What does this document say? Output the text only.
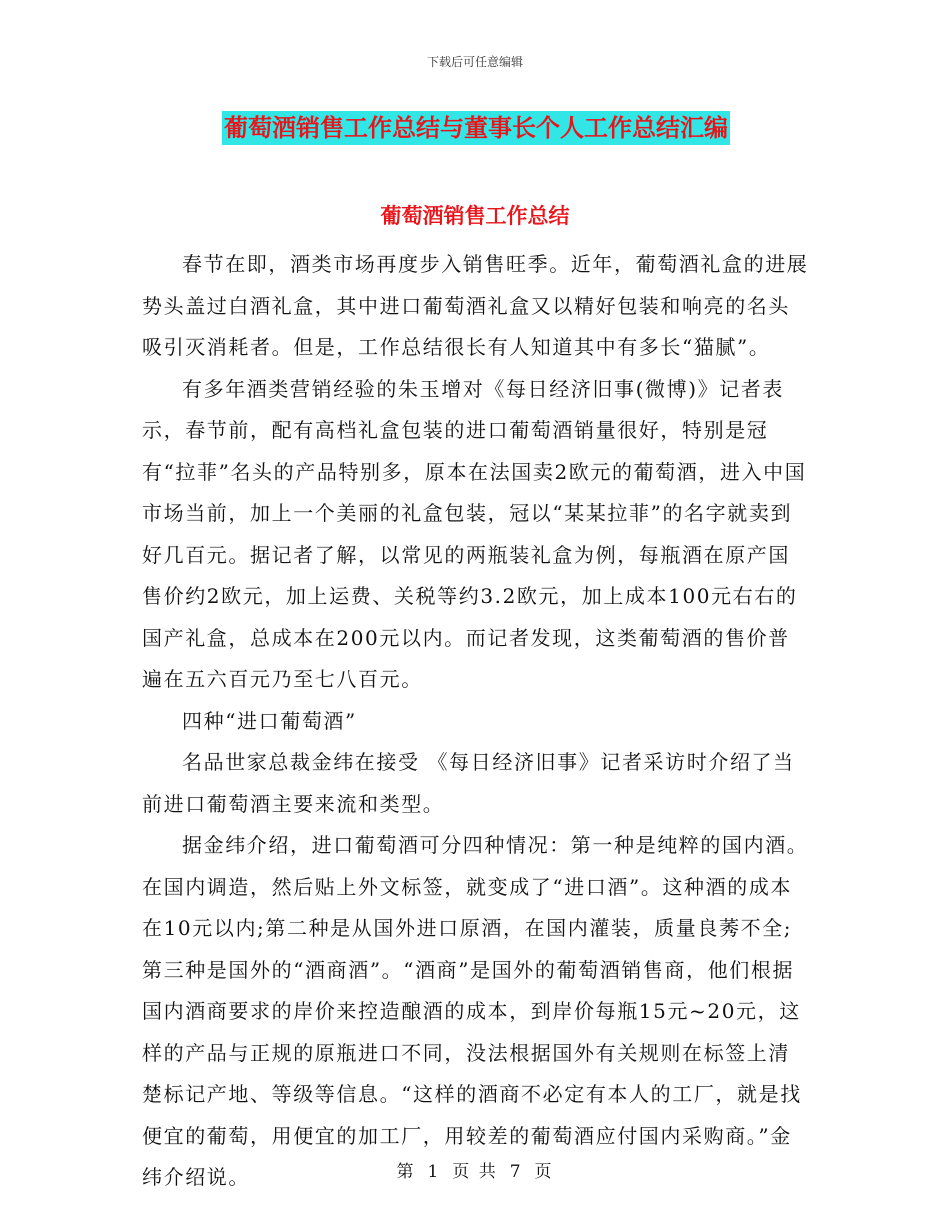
下载后可任意编辑
葡萄酒销售工作总结与董事长个人工作总结汇编
葡萄酒销售工作总结

春节在即，酒类市场再度步入销售旺季。近年，葡萄酒礼盒的进展势头盖过白酒礼盒，其中进口葡萄酒礼盒又以精好包装和响亮的名头吸引灭消耗者。但是，工作总结很长有人知道其中有多长“猫腻”。

有多年酒类营销经验的朱玉增对《每日经济旧事(微博)》记者表示，春节前，配有高档礼盒包装的进口葡萄酒销量很好，特别是冠有“拉菲”名头的产品特别多，原本在法国卖2欧元的葡萄酒，进入中国市场当前，加上一个美丽的礼盒包装，冠以“某某拉菲”的名字就卖到好几百元。据记者了解，以常见的两瓶装礼盒为例，每瓶酒在原产国售价约2欧元，加上运费、关税等约3.2欧元，加上成本100元右右的国产礼盒，总成本在200元以内。而记者发现，这类葡萄酒的售价普遍在五六百元乃至七八百元。

四种“进口葡萄酒”

名品世家总裁金纬在接受 《每日经济旧事》记者采访时介绍了当前进口葡萄酒主要来流和类型。

据金纬介绍，进口葡萄酒可分四种情况：第一种是纯粹的国内酒。在国内调造，然后贴上外文标签，就变成了“进口酒”。这种酒的成本在10元以内;第二种是从国外进口原酒，在国内灌装，质量良莠不全;第三种是国外的“酒商酒”。“酒商”是国外的葡萄酒销售商，他们根据国内酒商要求的岸价来控造酿酒的成本，到岸价每瓶15元~20元，这样的产品与正规的原瓶进口不同，没法根据国外有关规则在标签上清楚标记产地、等级等信息。“这样的酒商不必定有本人的工厂，就是找便宜的葡萄，用便宜的加工厂，用较差的葡萄酒应付国内采购商。”金纬介绍说。	第 1 页 共 7 页
